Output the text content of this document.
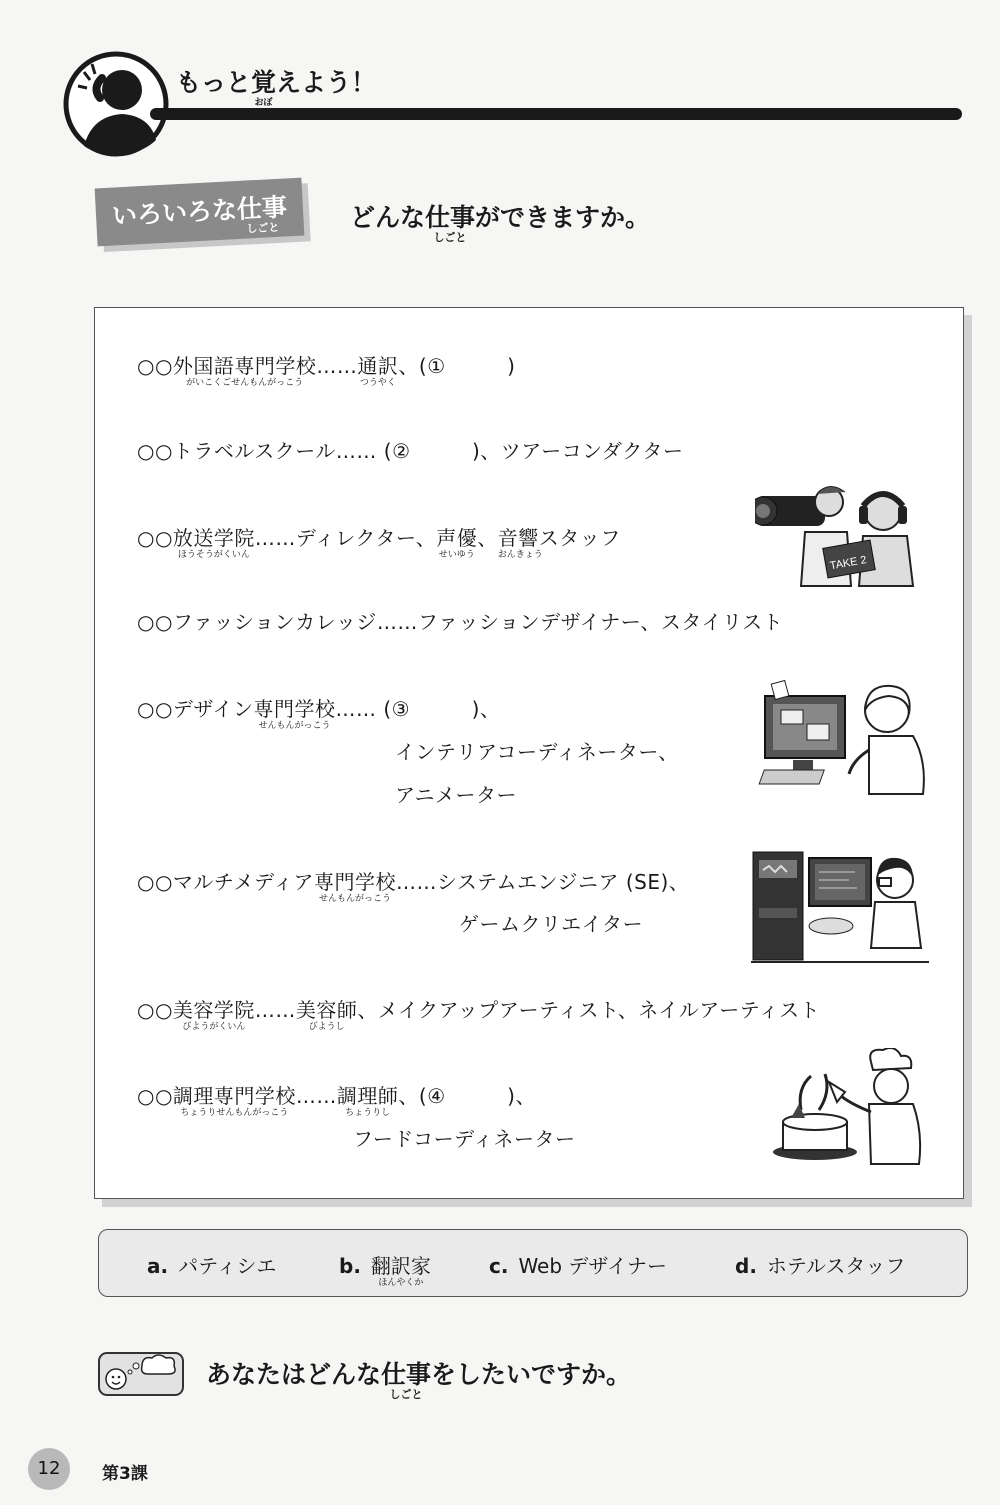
もっと覚
おぼ
えよう！
いろいろな仕事
しごと	どんな仕事
しごと
ができますか。
○○外国語専門学校
がいこくごせんもんがっこう
……通訳
つうやく
、(①　　　)
○○トラベルスクール…… (②　　　)、ツアーコンダクター
○○放送学院
ほうそうがくいん
……ディレクター、声優
せいゆう
、音響
おんきょう
スタッフ
○○ファッションカレッジ……ファッションデザイナー、スタイリスト
○○デザイン専門学校
せんもんがっこう
…… (③　　　)、
インテリアコーディネーター、
アニメーター
○○マルチメディア専門学校
せんもんがっこう
……システムエンジニア (SE)、
ゲームクリエイター
○○美容学院
びようがくいん
……美容師
びようし
、メイクアップアーティスト、ネイルアーティスト
○○調理専門学校
ちょうりせんもんがっこう
……調理師
ちょうりし
、(④　　　)、
フードコーディネーター
TAKE 2
a. パティシエ	b. 翻訳家
ほんやくか
c. Web デザイナー	d. ホテルスタッフ
あなたはどんな仕事
しごと
をしたいですか。
12	第3課
